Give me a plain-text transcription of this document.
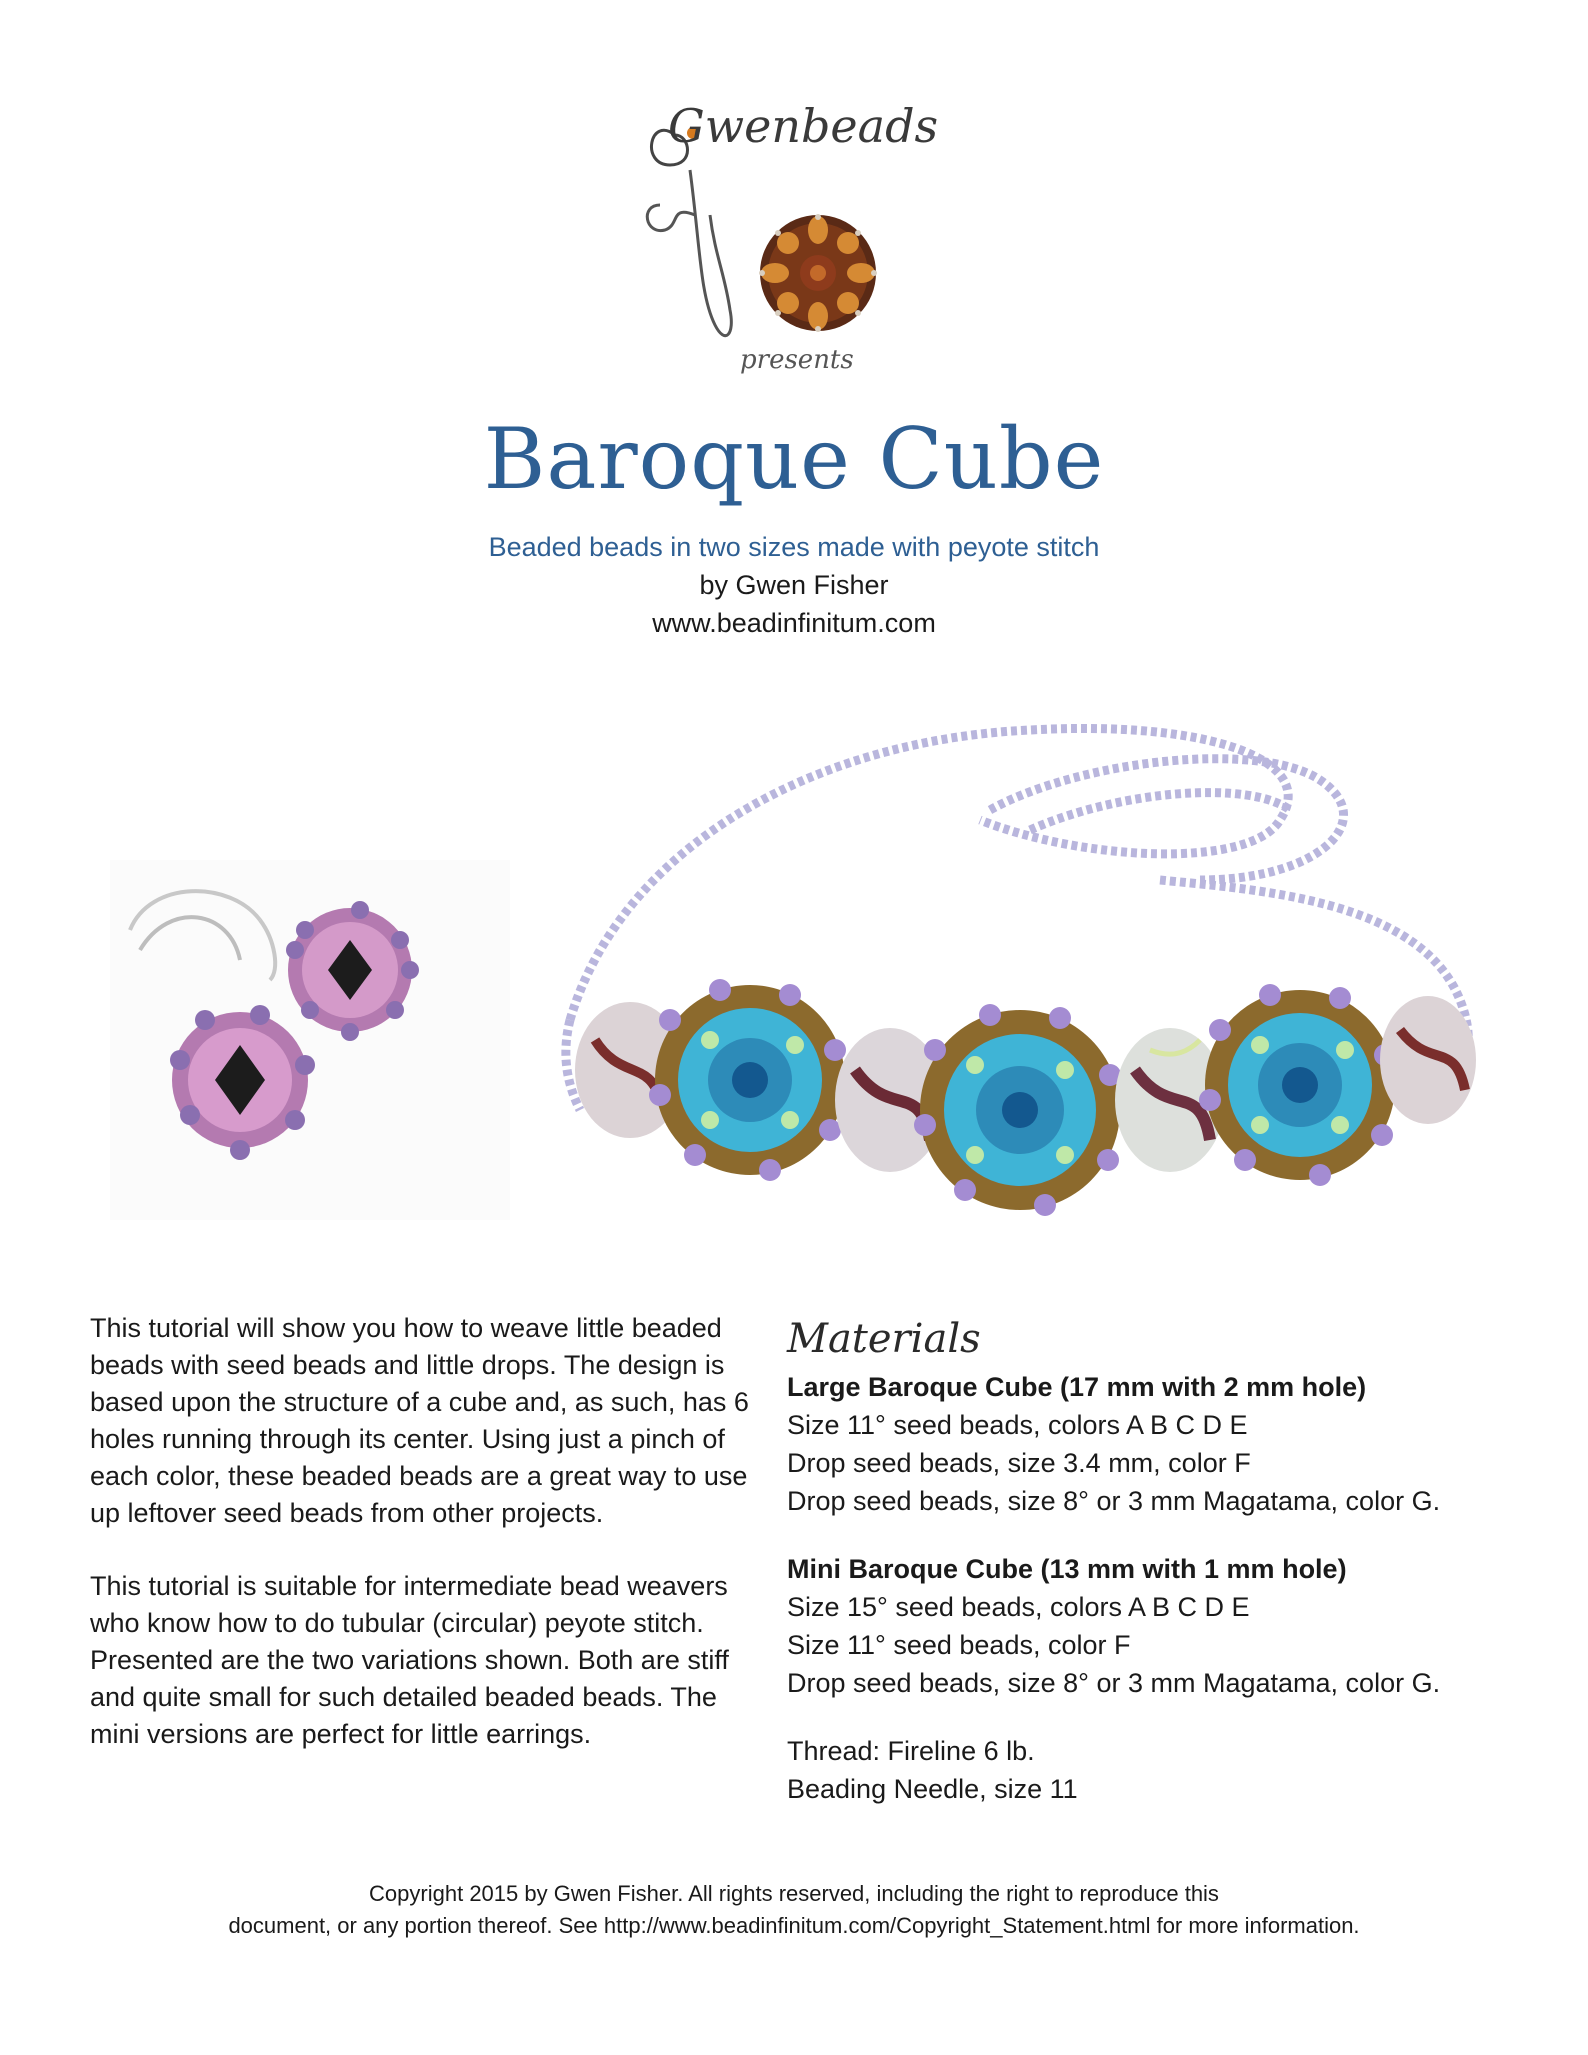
Gwenbeads
presents
Baroque Cube
Beaded beads in two sizes made with peyote stitch
by Gwen Fisher
www.beadinfinitum.com

This tutorial will show you how to weave little beaded beads with seed beads and little drops. The design is based upon the structure of a cube and, as such, has 6 holes running through its center. Using just a pinch of each color, these beaded beads are a great way to use up leftover seed beads from other projects.

This tutorial is suitable for intermediate bead weavers who know how to do tubular (circular) peyote stitch. Presented are the two variations shown. Both are stiff and quite small for such detailed beaded beads. The mini versions are perfect for little earrings.

Materials
Large Baroque Cube (17 mm with 2 mm hole)
Size 11° seed beads, colors A B C D E
Drop seed beads, size 3.4 mm, color F
Drop seed beads, size 8° or 3 mm Magatama, color G.
Mini Baroque Cube (13 mm with 1 mm hole)
Size 15° seed beads, colors A B C D E
Size 11° seed beads, color F
Drop seed beads, size 8° or 3 mm Magatama, color G.
Thread: Fireline 6 lb.
Beading Needle, size 11
Copyright 2015 by Gwen Fisher. All rights reserved, including the right to reproduce this
document, or any portion thereof. See http://www.beadinfinitum.com/Copyright_Statement.html for more information.
